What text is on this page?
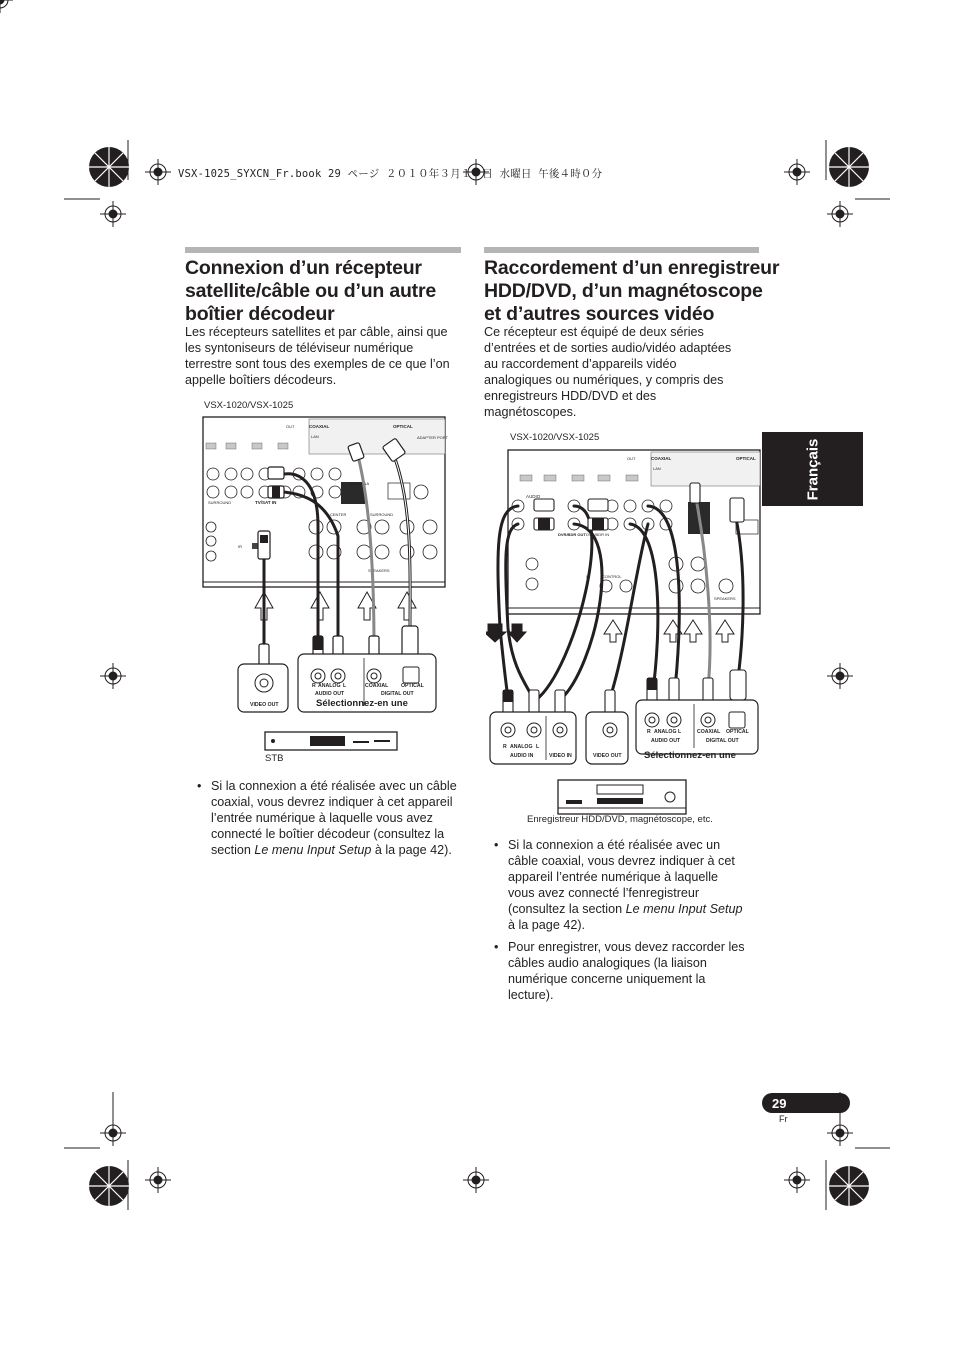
VSX-1025_SYXCN_Fr.book 29 ページ ２０１０年３月１７日 水曜日 午後４時０分
Connexion d’un récepteur
satellite/câble ou d’un autre
boîtier décodeur

Les récepteurs satellites et par câble, ainsi que
les syntoniseurs de téléviseur numérique
terrestre sont tous des exemples de ce que l’on
appelle boîtiers décodeurs.

VSX-1020/VSX-1025
SURROUND
CENTER	SURROUND
COAXIAL	OPTICAL
LAN
OUT
TV/SAT IN
ANTENNA
ADAPTER PORT
IR
SPEAKERS
VIDEO OUT
R ANALOG L
AUDIO OUT
COAXIAL OPTICAL
DIGITAL OUT
Sélectionnez-en une
STB
• Si la connexion a été réalisée avec un câble
coaxial, vous devrez indiquer à cet appareil
l’entrée numérique à laquelle vous avez
connecté le boîtier décodeur (consultez la
section Le menu Input Setup à la page 42).
Raccordement d’un enregistreur
HDD/DVD, d’un magnétoscope
et d’autres sources vidéo

Ce récepteur est équipé de deux séries
d’entrées et de sorties audio/vidéo adaptées
au raccordement d’appareils vidéo
analogiques ou numériques, y compris des
enregistreurs HDD/DVD et des
magnétoscopes.

VSX-1020/VSX-1025
AUDIO
COAXIAL	OPTICAL
LAN
OUT
DVR/BDR OUT DVR/BDR IN
CONTROL
IR
SPEAKERS
R ANALOG L
AUDIO IN	VIDEO IN	VIDEO OUT
R ANALOG L
AUDIO OUT
COAXIAL OPTICAL
DIGITAL OUT
Sélectionnez-en une
Enregistreur HDD/DVD, magnétoscope, etc.
• Si la connexion a été réalisée avec un
câble coaxial, vous devrez indiquer à cet
appareil l’entrée numérique à laquelle
vous avez connecté l’fenregistreur
(consultez la section Le menu Input Setup
à la page 42).
• Pour enregistrer, vous devez raccorder les
câbles audio analogiques (la liaison
numérique concerne uniquement la
lecture).
Français
29
Fr
